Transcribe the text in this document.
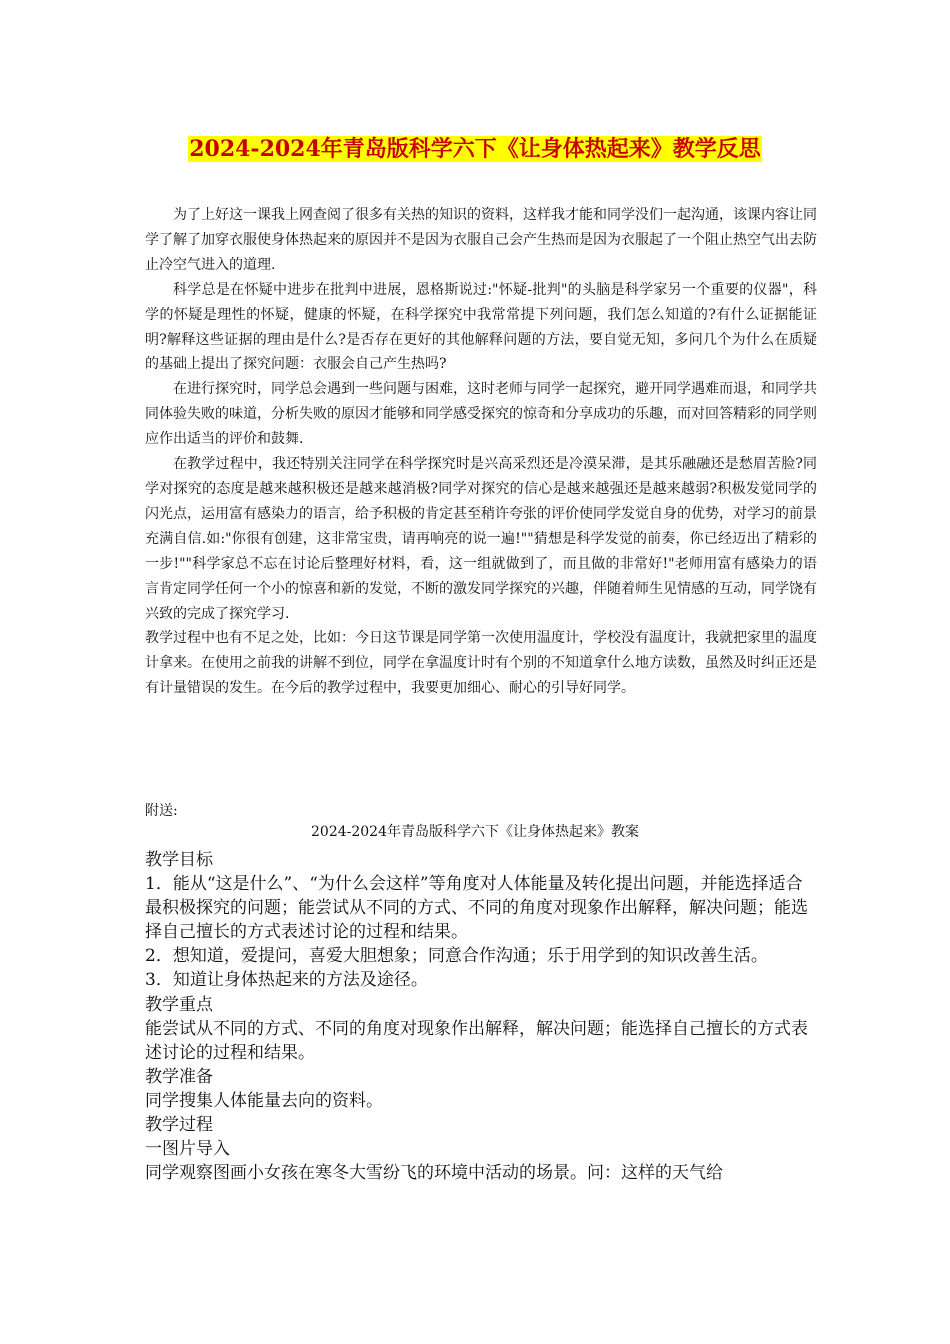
2024-2024年青岛版科学六下《让身体热起来》教学反思

为了上好这一课我上网查阅了很多有关热的知识的资料，这样我才能和同学没们一起沟通，该课内容让同学了解了加穿衣服使身体热起来的原因并不是因为衣服自己会产生热而是因为衣服起了一个阻止热空气出去防止冷空气进入的道理.

科学总是在怀疑中进步在批判中进展，恩格斯说过:"怀疑-批判"的头脑是科学家另一个重要的仪器"，科学的怀疑是理性的怀疑，健康的怀疑，在科学探究中我常常提下列问题，我们怎么知道的?有什么证据能证明?解释这些证据的理由是什么?是否存在更好的其他解释问题的方法，要自觉无知，多问几个为什么在质疑的基础上提出了探究问题：衣服会自己产生热吗?

在进行探究时，同学总会遇到一些问题与困难，这时老师与同学一起探究，避开同学遇难而退，和同学共同体验失败的味道，分析失败的原因才能够和同学感受探究的惊奇和分享成功的乐趣，而对回答精彩的同学则应作出适当的评价和鼓舞.

在教学过程中，我还特别关注同学在科学探究时是兴高采烈还是冷漠呆滞，是其乐融融还是愁眉苦脸?同学对探究的态度是越来越积极还是越来越消极?同学对探究的信心是越来越强还是越来越弱?积极发觉同学的闪光点，运用富有感染力的语言，给予积极的肯定甚至稍许夸张的评价使同学发觉自身的优势，对学习的前景充满自信.如:"你很有创建，这非常宝贵，请再响亮的说一遍!""猜想是科学发觉的前奏，你已经迈出了精彩的一步!""科学家总不忘在讨论后整理好材料，看，这一组就做到了，而且做的非常好!"老师用富有感染力的语言肯定同学任何一个小的惊喜和新的发觉，不断的激发同学探究的兴趣，伴随着师生见情感的互动，同学饶有兴致的完成了探究学习.

教学过程中也有不足之处，比如：今日这节课是同学第一次使用温度计，学校没有温度计，我就把家里的温度计拿来。在使用之前我的讲解不到位，同学在拿温度计时有个别的不知道拿什么地方读数，虽然及时纠正还是有计量错误的发生。在今后的教学过程中，我要更加细心、耐心的引导好同学。

附送:
2024-2024年青岛版科学六下《让身体热起来》教案
教学目标
1．能从“这是什么”、“为什么会这样”等角度对人体能量及转化提出问题，并能选择适合最积极探究的问题；能尝试从不同的方式、不同的角度对现象作出解释，解决问题；能选择自己擅长的方式表述讨论的过程和结果。
2．想知道，爱提问，喜爱大胆想象；同意合作沟通；乐于用学到的知识改善生活。
3．知道让身体热起来的方法及途径。
教学重点
能尝试从不同的方式、不同的角度对现象作出解释，解决问题；能选择自己擅长的方式表述讨论的过程和结果。
教学准备
同学搜集人体能量去向的资料。
教学过程
一图片导入
同学观察图画小女孩在寒冬大雪纷飞的环境中活动的场景。问：这样的天气给
